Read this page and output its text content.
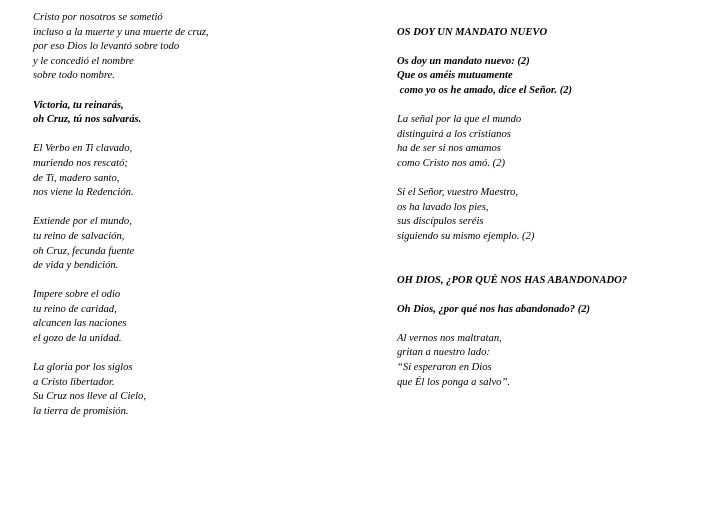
Cristo por nosotros se sometió
incluso a la muerte y una muerte de cruz,
por eso Dios lo levantó sobre todo
y le concedió el nombre
sobre todo nombre.
Victoria, tu reinarás,
oh Cruz, tú nos salvarás.
El Verbo en Ti clavado,
muriendo nos rescató;
de Ti, madero santo,
nos viene la Redención.
Extiende por el mundo,
tu reino de salvación,
oh Cruz, fecunda fuente
de vida y bendición.
Impere sobre el odio
tu reino de caridad,
alcancen las naciones
el gozo de la unidad.
La gloria por los siglos
a Cristo libertador.
Su Cruz nos lleve al Cielo,
la tierra de promisión.
OS DOY UN MANDATO NUEVO
Os doy un mandato nuevo: (2)
Que os améis mutuamente
como yo os he amado, dice el Señor. (2)
La señal por la que el mundo
distinguirá a los cristianos
ha de ser si nos amamos
como Cristo nos amó. (2)
Si el Señor, vuestro Maestro,
os ha lavado los pies,
sus discípulos seréis
siguiendo su mismo ejemplo. (2)
OH DIOS, ¿POR QUÉ NOS HAS ABANDONADO?
Oh Dios, ¿por qué nos has abandonado? (2)
Al vernos nos maltratan,
gritan a nuestro lado:
“Si esperaron en Dios
que Él los ponga a salvo”.
